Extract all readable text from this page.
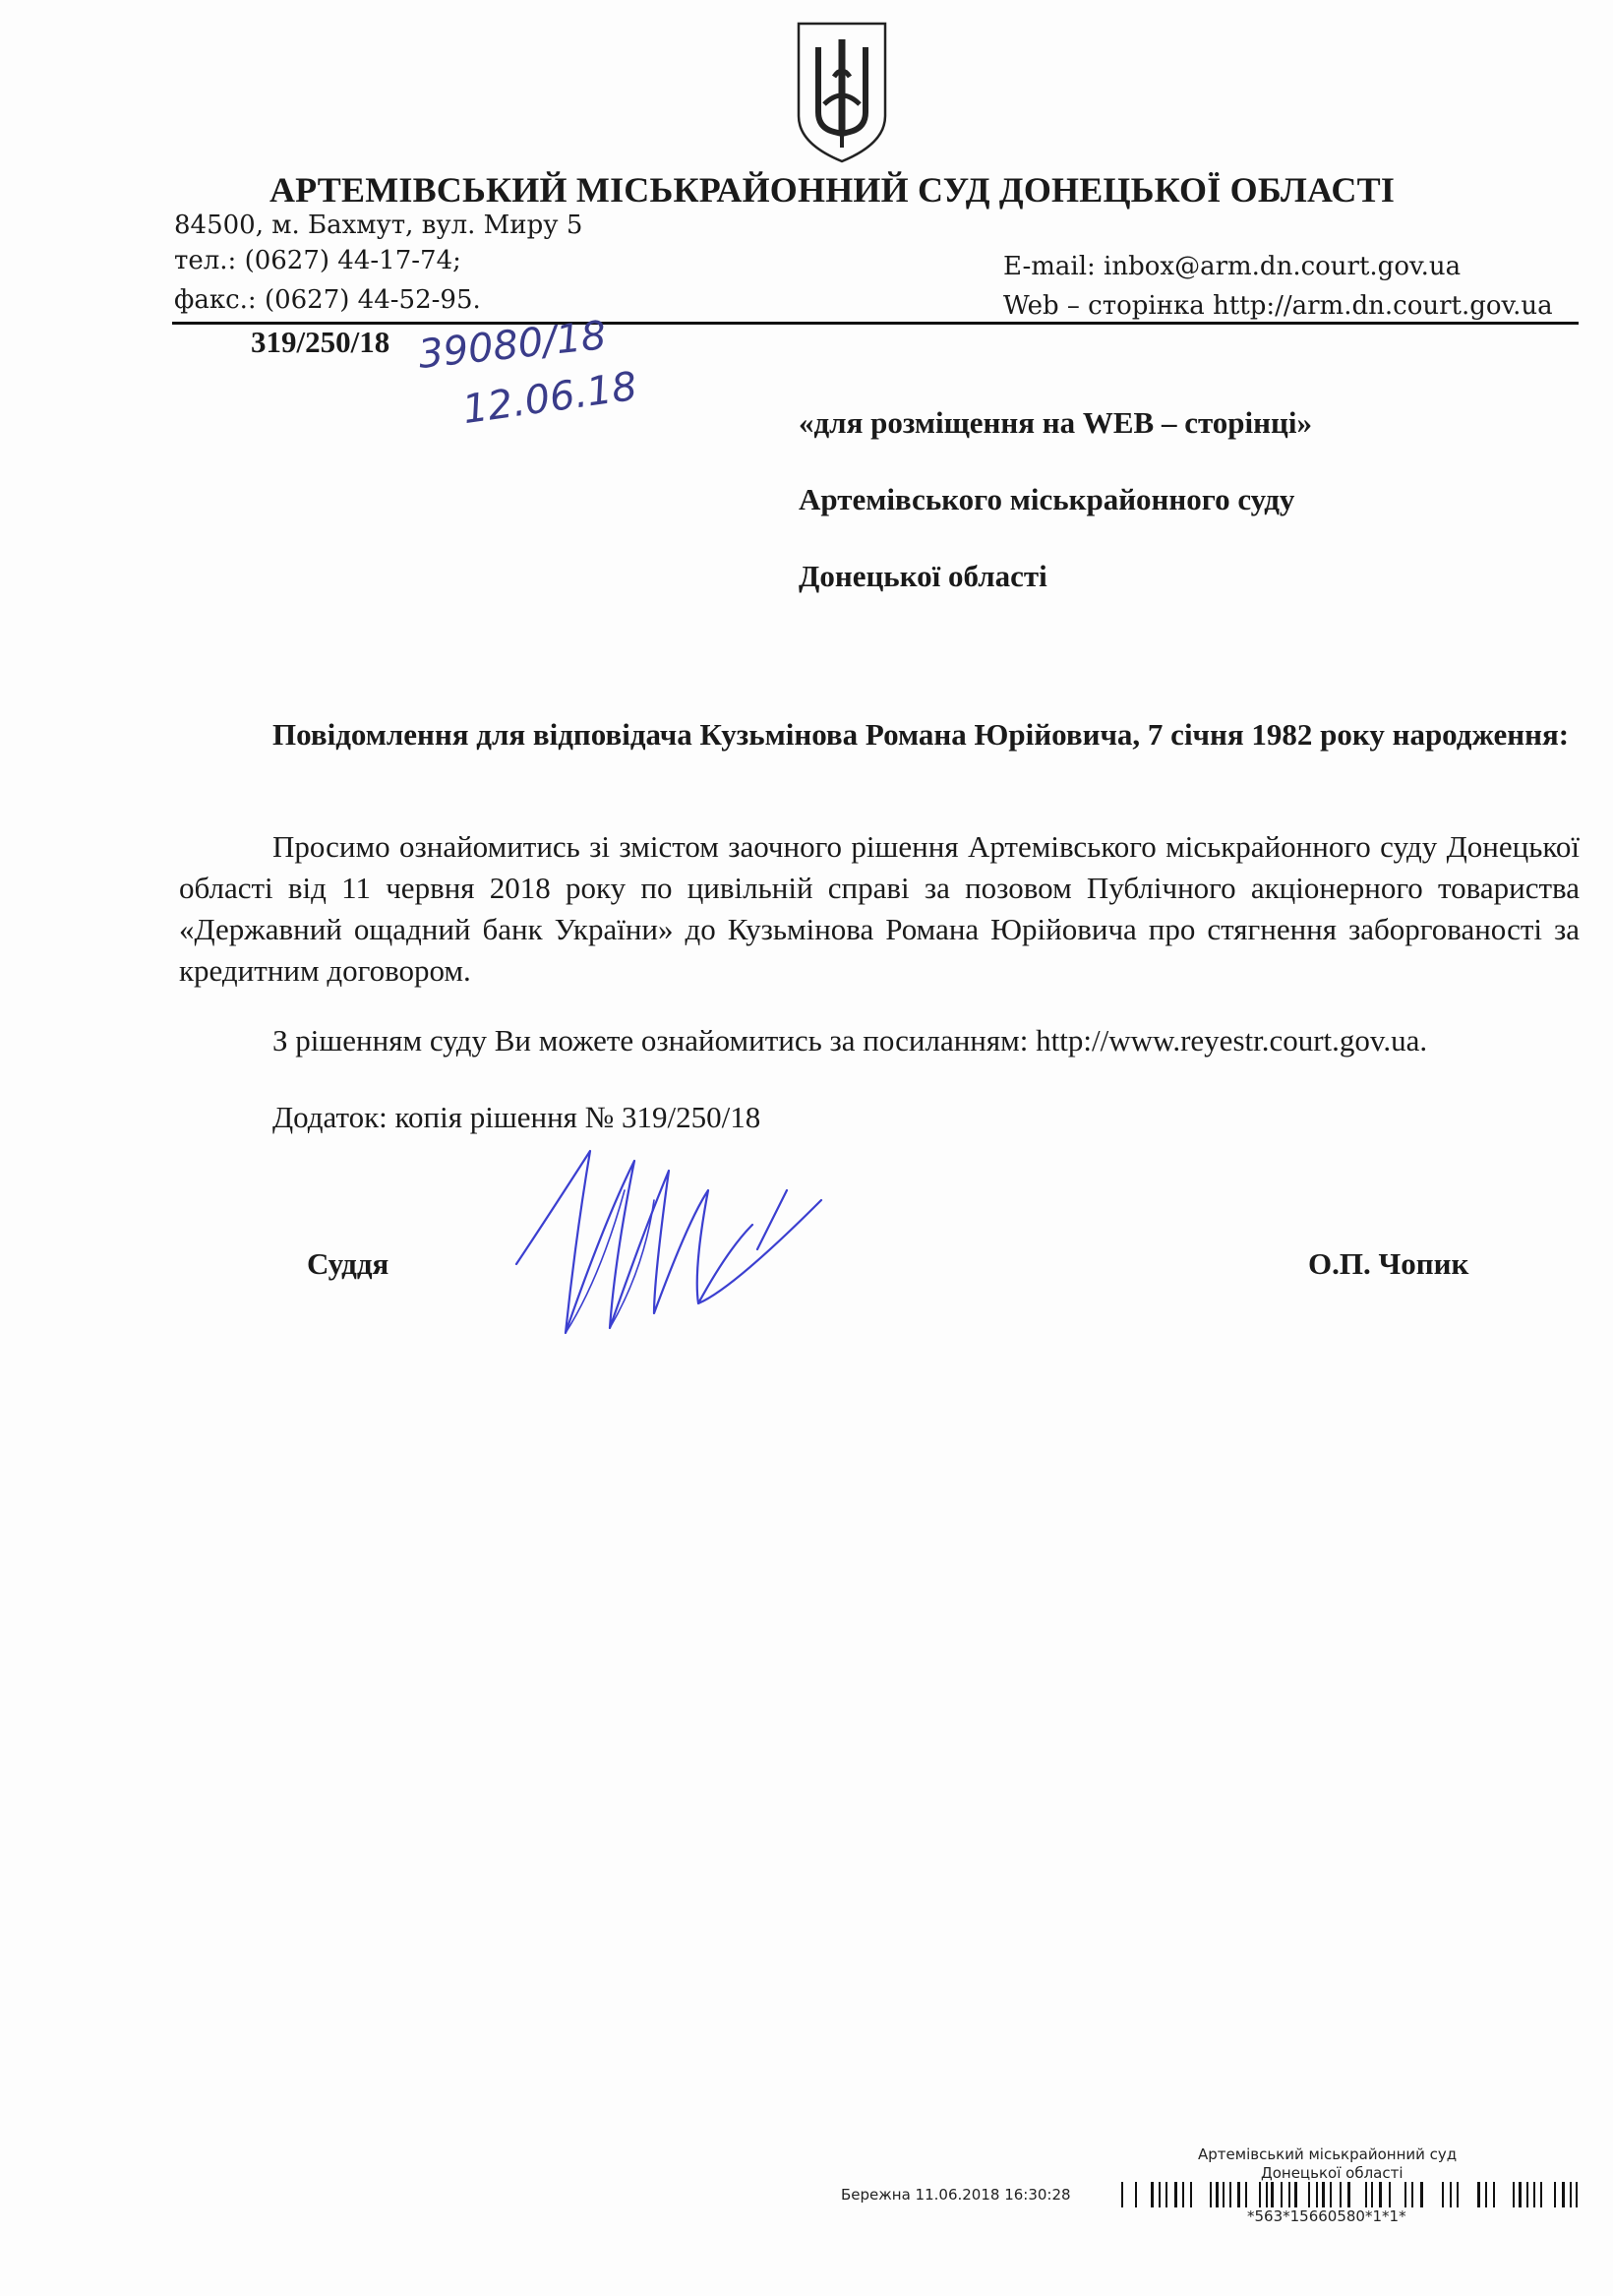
АРТЕМІВСЬКИЙ МІСЬКРАЙОННИЙ СУД ДОНЕЦЬКОЇ ОБЛАСТІ
84500, м. Бахмут, вул. Миру 5
тел.: (0627) 44-17-74;
факс.: (0627) 44-52-95.
E-mail: inbox@arm.dn.court.gov.ua
Web – сторінка http://arm.dn.court.gov.ua
319/250/18 39080/18
12.06.18	«для розміщення на WEB – сторінці»
Артемівського міськрайонного суду
Донецької області
Повідомлення для відповідача Кузьмінова Романа Юрійовича, 7 січня 1982 року народження:
Просимо ознайомитись зі змістом заочного рішення Артемівського міськрайонного суду Донецької області від 11 червня 2018 року по цивільній справі за позовом Публічного акціонерного товариства «Державний ощадний банк України» до Кузьмінова Романа Юрійовича про стягнення заборгованості за кредитним договором.
З рішенням суду Ви можете ознайомитись за посиланням: http://www.reyestr.court.gov.ua.
Додаток: копія рішення № 319/250/18
Суддя	О.П. Чопик
Артемівський міськрайонний суд
Донецької області
Бережна 11.06.2018 16:30:28
*563*15660580*1*1*
